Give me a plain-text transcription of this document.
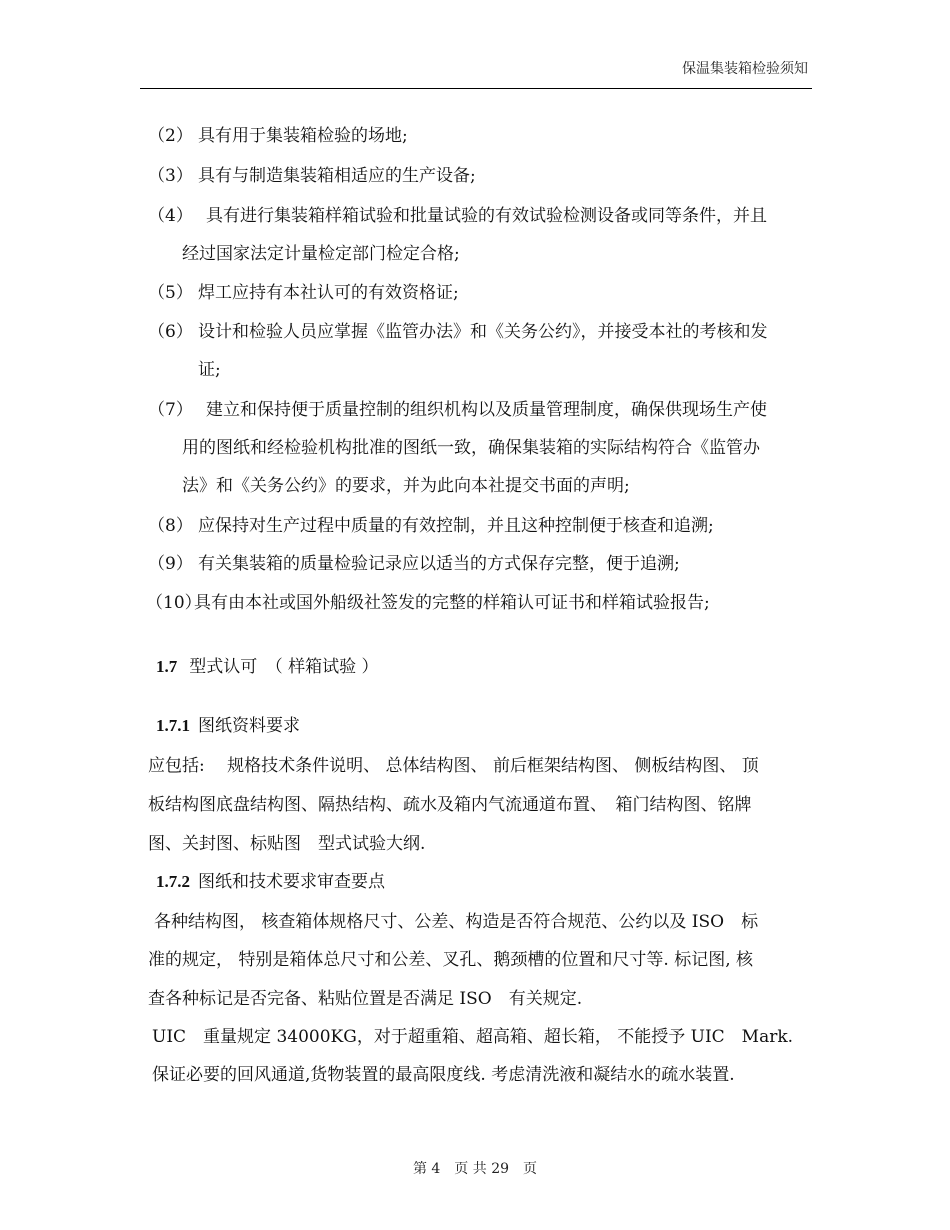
保温集装箱检验须知
（2） 具有用于集装箱检验的场地;
（3） 具有与制造集装箱相适应的生产设备;
（4） 具有进行集装箱样箱试验和批量试验的有效试验检测设备或同等条件，并且
经过国家法定计量检定部门检定合格;
（5） 焊工应持有本社认可的有效资格证;
（6） 设计和检验人员应掌握《监管办法》和《关务公约》，并接受本社的考核和发
证;
（7） 建立和保持便于质量控制的组织机构以及质量管理制度，确保供现场生产使
用的图纸和经检验机构批准的图纸一致，确保集装箱的实际结构符合《监管办
法》和《关务公约》的要求，并为此向本社提交书面的声明;
（8） 应保持对生产过程中质量的有效控制，并且这种控制便于核查和追溯;
（9） 有关集装箱的质量检验记录应以适当的方式保存完整，便于追溯;
（10）具有由本社或国外船级社签发的完整的样箱认可证书和样箱试验报告;
1.7 型式认可　（ 样箱试验 ）
1.7.1 图纸资料要求
应包括:　 规格技术条件说明、 总体结构图、 前后框架结构图、 侧板结构图、 顶
板结构图底盘结构图、隔热结构、疏水及箱内气流通道布置、　箱门结构图、铭牌
图、关封图、标贴图　型式试验大纲.
1.7.2 图纸和技术要求审查要点
各种结构图， 核查箱体规格尺寸、公差、构造是否符合规范、公约以及 ISO　标
准的规定， 特别是箱体总尺寸和公差、叉孔、鹅颈槽的位置和尺寸等. 标记图, 核
查各种标记是否完备、粘贴位置是否满足 ISO　有关规定.
UIC　重量规定 34000KG，对于超重箱、超高箱、超长箱， 不能授予 UIC　Mark.
保证必要的回风通道,货物装置的最高限度线. 考虑清洗液和凝结水的疏水装置.
第 4　页 共 29　页
